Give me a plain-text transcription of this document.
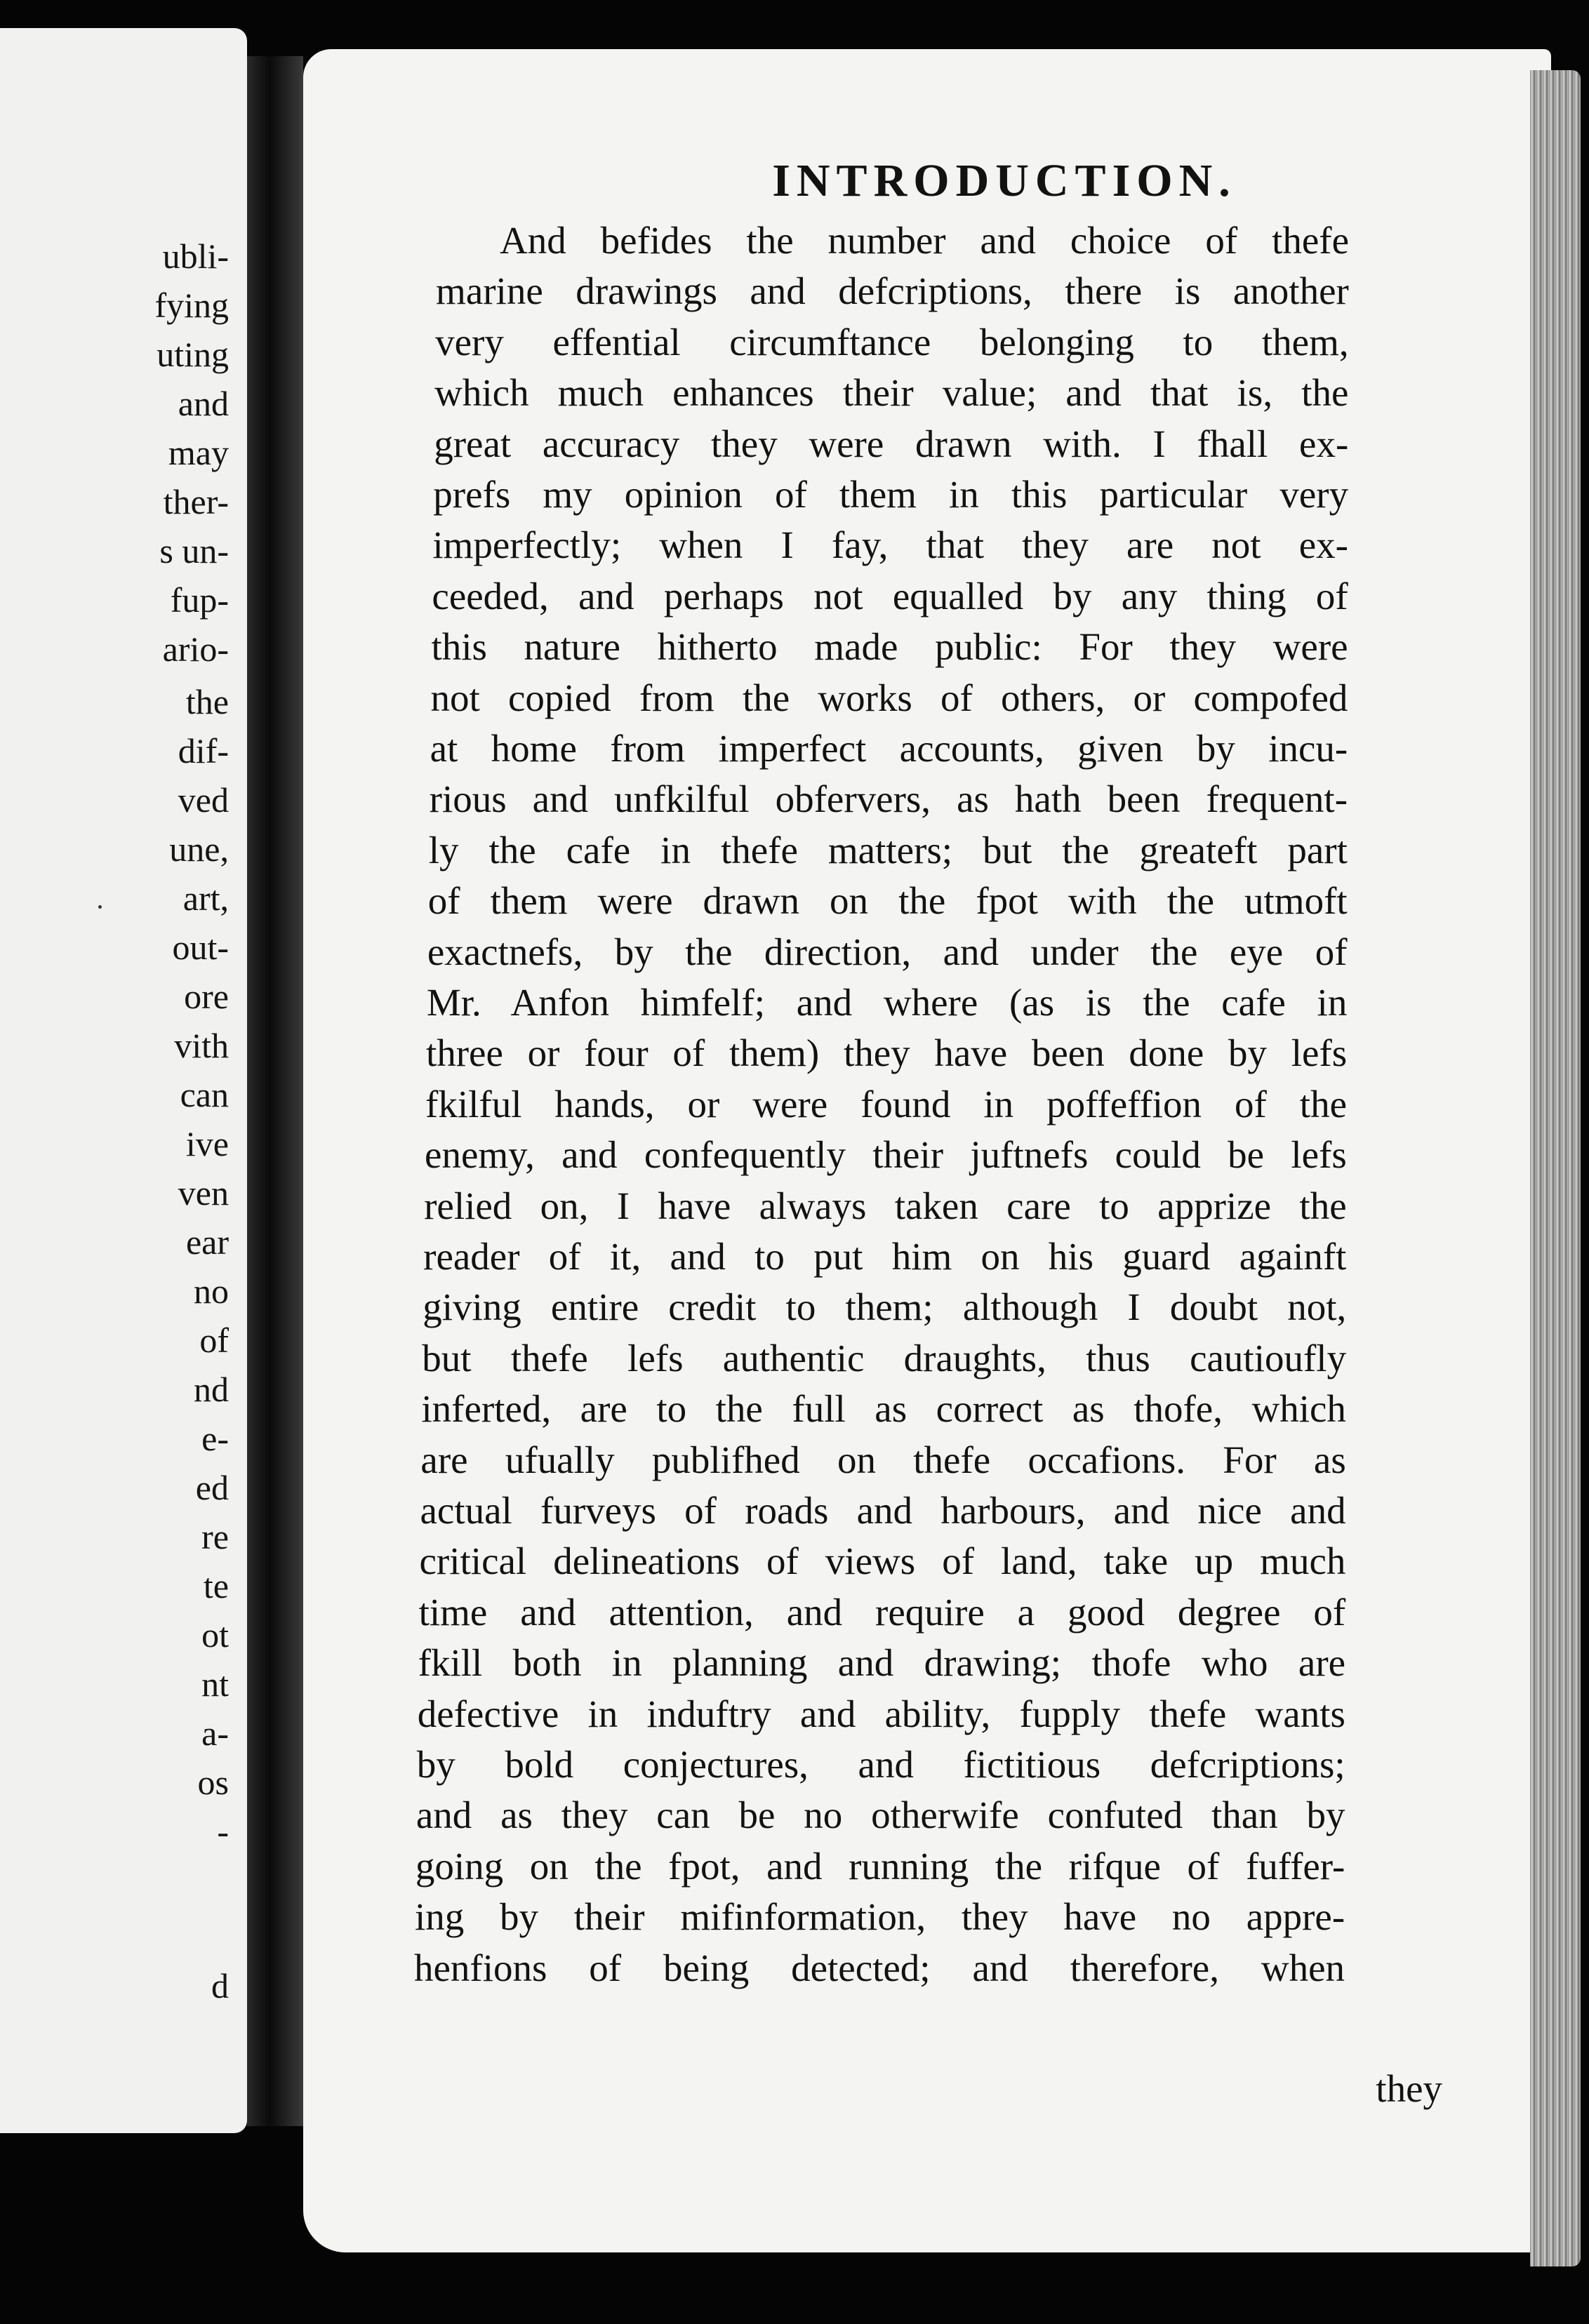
ubli-

fying

uting

and

may

ther-

s un-

fup-

ario-

the

dif-

ved

une,

art,

out-

ore

vith

can

ive

ven

ear

no

of

nd

e-

ed

re

te

ot

nt

a-

os

-

d

INTRODUCTION.

And befides the number and choice of thefe

marine drawings and defcriptions, there is another

very effential circumftance belonging to them,

which much enhances their value; and that is, the

great accuracy they were drawn with. I fhall ex-

prefs my opinion of them in this particular very

imperfectly; when I fay, that they are not ex-

ceeded, and perhaps not equalled by any thing of

this nature hitherto made public: For they were

not copied from the works of others, or compofed

at home from imperfect accounts, given by incu-

rious and unfkilful obfervers, as hath been frequent-

ly the cafe in thefe matters; but the greateft part

of them were drawn on the fpot with the utmoft

exactnefs, by the direction, and under the eye of

Mr. Anfon himfelf; and where (as is the cafe in

three or four of them) they have been done by lefs

fkilful hands, or were found in poffeffion of the

enemy, and confequently their juftnefs could be lefs

relied on, I have always taken care to apprize the

reader of it, and to put him on his guard againft

giving entire credit to them; although I doubt not,

but thefe lefs authentic draughts, thus cautioufly

inferted, are to the full as correct as thofe, which

are ufually publifhed on thefe occafions. For as

actual furveys of roads and harbours, and nice and

critical delineations of views of land, take up much

time and attention, and require a good degree of

fkill both in planning and drawing; thofe who are

defective in induftry and ability, fupply thefe wants

by bold conjectures, and fictitious defcriptions;

and as they can be no otherwife confuted than by

going on the fpot, and running the rifque of fuffer-

ing by their mifinformation, they have no appre-

henfions of being detected; and therefore, when

they
